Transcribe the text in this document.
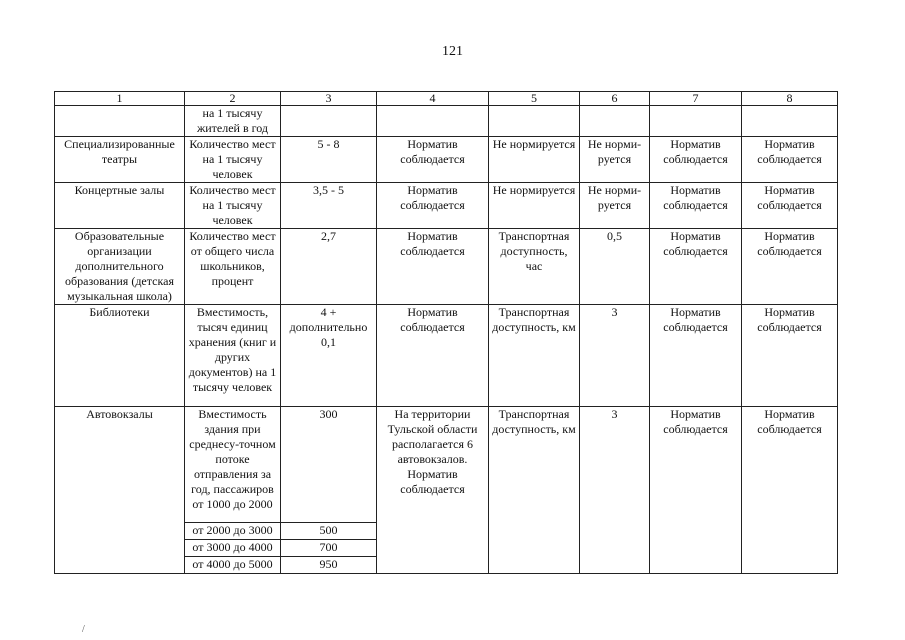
121
1	2	3	4	5	6	7	8
	на 1 тысячу жителей в год						
Специализированные театры	Количество мест на 1 тысячу человек	5 - 8	Норматив соблюдается	Не нормируется	Не норми-руется	Норматив соблюдается	Норматив соблюдается
Концертные залы	Количество мест на 1 тысячу человек	3,5 - 5	Норматив соблюдается	Не нормируется	Не норми-руется	Норматив соблюдается	Норматив соблюдается
Образовательные организации дополнительного образования (детская музыкальная школа)	Количество мест от общего числа школьников, процент	2,7	Норматив соблюдается	Транспортная доступность, час	0,5	Норматив соблюдается	Норматив соблюдается
Библиотеки	Вместимость, тысяч единиц хранения (книг и других документов) на 1 тысячу человек	4 + дополнительно 0,1	Норматив соблюдается	Транспортная доступность, км	3	Норматив соблюдается	Норматив соблюдается
Автовокзалы	Вместимость здания при среднесу-точном потоке отправления за год, пассажиров от 1000 до 2000	300	На территории Тульской области располагается 6 автовокзалов. Норматив соблюдается	Транспортная доступность, км	3	Норматив соблюдается	Норматив соблюдается
	от 2000 до 3000	500					
	от 3000 до 4000	700					
	от 4000 до 5000	950					
/
